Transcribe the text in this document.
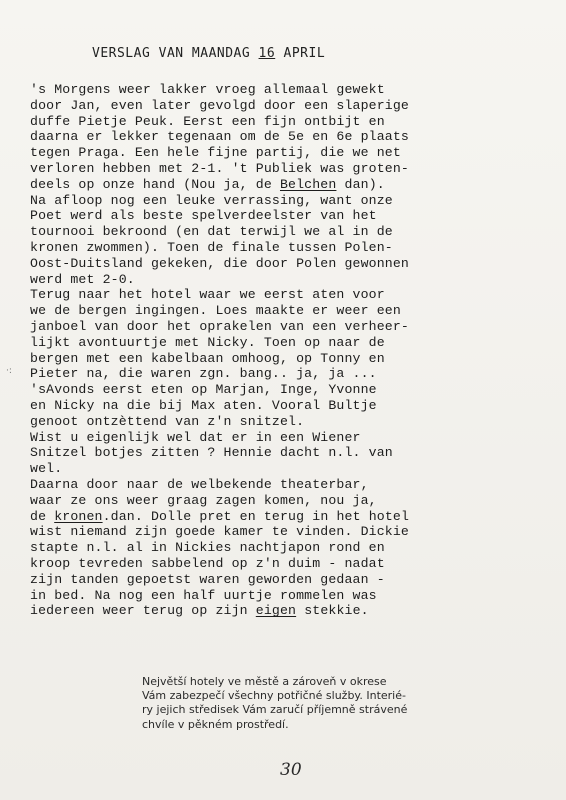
VERSLAG VAN MAANDAG 16 APRIL
·:
's Morgens weer lakker vroeg allemaal gewekt
door Jan, even later gevolgd door een slaperige
duffe Pietje Peuk. Eerst een fijn ontbijt en
daarna er lekker tegenaan om de 5e en 6e plaats
tegen Praga. Een hele fijne partij, die we net
verloren hebben met 2-1. 't Publiek was groten-
deels op onze hand (Nou ja, de Belchen dan).
Na afloop nog een leuke verrassing, want onze
Poet werd als beste spelverdeelster van het
tournooi bekroond (en dat terwijl we al in de
kronen zwommen). Toen de finale tussen Polen-
Oost-Duitsland gekeken, die door Polen gewonnen
werd met 2-0.
Terug naar het hotel waar we eerst aten voor
we de bergen ingingen. Loes maakte er weer een
janboel van door het oprakelen van een verheer-
lijkt avontuurtje met Nicky. Toen op naar de
bergen met een kabelbaan omhoog, op Tonny en
Pieter na, die waren zgn. bang.. ja, ja ...
'sAvonds eerst eten op Marjan, Inge, Yvonne
en Nicky na die bij Max aten. Vooral Bultje
genoot ontzèttend van z'n snitzel.
Wist u eigenlijk wel dat er in een Wiener
Snitzel botjes zitten ? Hennie dacht n.l. van
wel.
Daarna door naar de welbekende theaterbar,
waar ze ons weer graag zagen komen, nou ja,
de kronen.dan. Dolle pret en terug in het hotel
wist niemand zijn goede kamer te vinden. Dickie
stapte n.l. al in Nickies nachtjapon rond en
kroop tevreden sabbelend op z'n duim - nadat
zijn tanden gepoetst waren geworden gedaan -
in bed. Na nog een half uurtje rommelen was
iedereen weer terug op zijn eigen stekkie.
Největší hotely ve městě a zároveň v okrese
Vám zabezpečí všechny potřičné služby. Interié-
ry jejich středisek Vám zaručí příjemně strávené
chvíle v pěkném prostředí.
30
